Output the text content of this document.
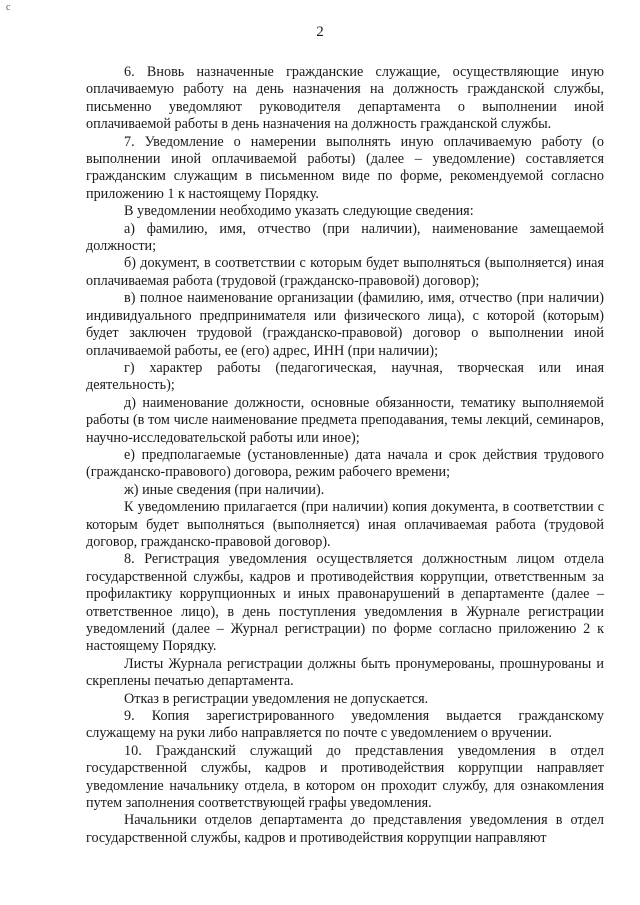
c
2

6. Вновь назначенные гражданские служащие, осуществляющие иную оплачиваемую работу на день назначения на должность гражданской службы, письменно уведомляют руководителя департамента о выполнении иной оплачиваемой работы в день назначения на должность гражданской службы.

7. Уведомление о намерении выполнять иную оплачиваемую работу (о выполнении иной оплачиваемой работы) (далее – уведомление) составляется гражданским служащим в письменном виде по форме, рекомендуемой согласно приложению 1 к настоящему Порядку.

В уведомлении необходимо указать следующие сведения:

а) фамилию, имя, отчество (при наличии), наименование замещаемой должности;

б) документ, в соответствии с которым будет выполняться (выполняется) иная оплачиваемая работа (трудовой (гражданско-правовой) договор);

в) полное наименование организации (фамилию, имя, отчество (при наличии) индивидуального предпринимателя или физического лица), с которой (которым) будет заключен трудовой (гражданско-правовой) договор о выполнении иной оплачиваемой работы, ее (его) адрес, ИНН (при наличии);

г) характер работы (педагогическая, научная, творческая или иная деятельность);

д) наименование должности, основные обязанности, тематику выполняемой работы (в том числе наименование предмета преподавания, темы лекций, семинаров, научно-исследовательской работы или иное);

е) предполагаемые (установленные) дата начала и срок действия трудового (гражданско-правового) договора, режим рабочего времени;

ж) иные сведения (при наличии).

К уведомлению прилагается (при наличии) копия документа, в соответствии с которым будет выполняться (выполняется) иная оплачиваемая работа (трудовой договор, гражданско-правовой договор).

8. Регистрация уведомления осуществляется должностным лицом отдела государственной службы, кадров и противодействия коррупции, ответственным за профилактику коррупционных и иных правонарушений в департаменте (далее – ответственное лицо), в день поступления уведомления в Журнале регистрации уведомлений (далее – Журнал регистрации) по форме согласно приложению 2 к настоящему Порядку.

Листы Журнала регистрации должны быть пронумерованы, прошнурованы и скреплены печатью департамента.

Отказ в регистрации уведомления не допускается.

9. Копия зарегистрированного уведомления выдается гражданскому служащему на руки либо направляется по почте с уведомлением о вручении.

10. Гражданский служащий до представления уведомления в отдел государственной службы, кадров и противодействия коррупции направляет уведомление начальнику отдела, в котором он проходит службу, для ознакомления путем заполнения соответствующей графы уведомления.

Начальники отделов департамента до представления уведомления в отдел государственной службы, кадров и противодействия коррупции направляют
